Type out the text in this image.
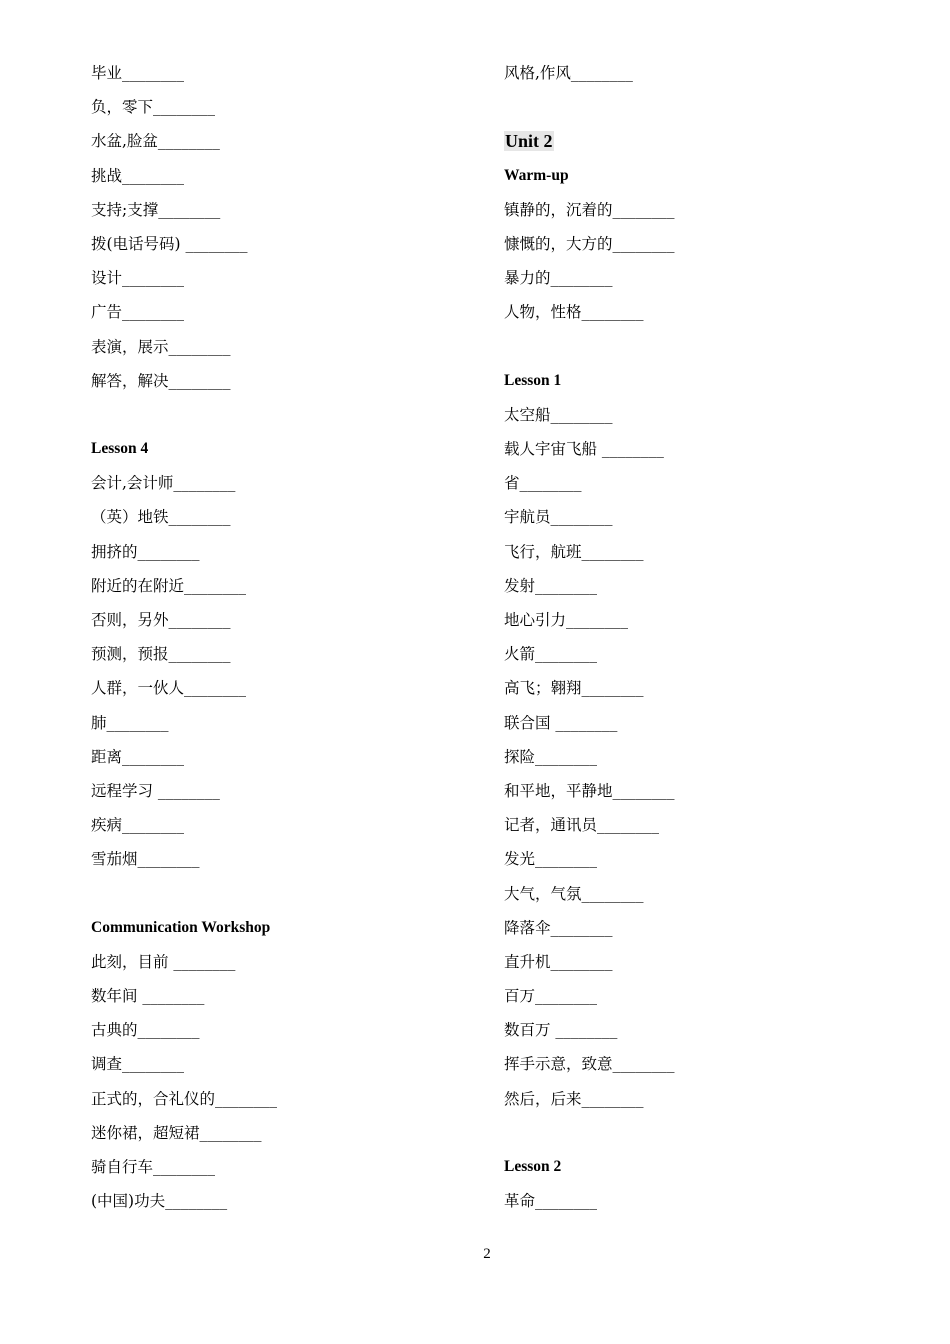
毕业________
负，零下________
水盆,脸盆________
挑战________
支持;支撑________
拨(电话号码) ________
设计________
广告________
表演，展示________
解答，解决________
Lesson 4
会计,会计师________
（英）地铁________
拥挤的________
附近的在附近________
否则，另外________
预测，预报________
人群，一伙人________
肺________
距离________
远程学习 ________
疾病________
雪茄烟________
Communication Workshop
此刻，目前 ________
数年间 ________
古典的________
调查________
正式的，合礼仪的________
迷你裙，超短裙________
骑自行车________
(中国)功夫________
风格,作风________
Unit 2
Warm-up
镇静的，沉着的________
慷慨的，大方的________
暴力的________
人物，性格________
Lesson 1
太空船________
载人宇宙飞船 ________
省________
宇航员________
飞行，航班________
发射________
地心引力________
火箭________
高飞；翱翔________
联合国 ________
探险________
和平地，平静地________
记者，通讯员________
发光________
大气，气氛________
降落伞________
直升机________
百万________
数百万 ________
挥手示意，致意________
然后，后来________
Lesson 2
革命________
2
